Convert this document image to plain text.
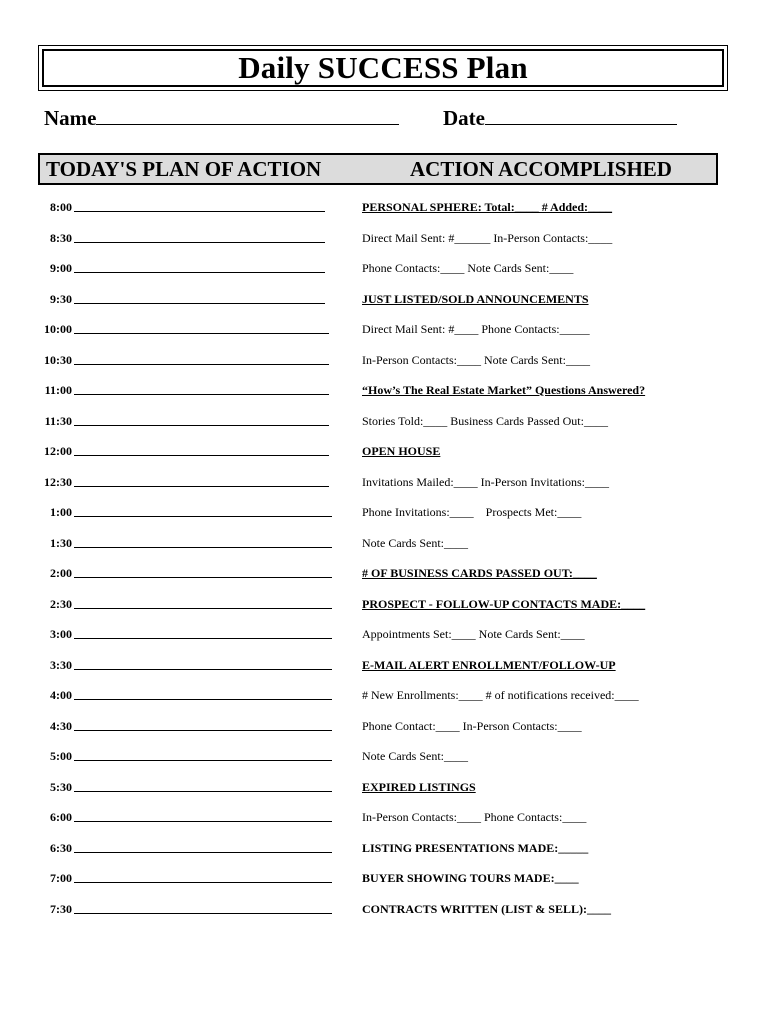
Daily SUCCESS Plan
Name	Date
TODAY'S PLAN OF ACTION	ACTION ACCOMPLISHED
8:00	PERSONAL SPHERE: Total:____ # Added:____
8:30	Direct Mail Sent: #______ In-Person Contacts:____
9:00	Phone Contacts:____ Note Cards Sent:____
9:30	JUST LISTED/SOLD ANNOUNCEMENTS
10:00	Direct Mail Sent: #____ Phone Contacts:_____
10:30	In-Person Contacts:____ Note Cards Sent:____
11:00	“How’s The Real Estate Market” Questions Answered?
11:30	Stories Told:____ Business Cards Passed Out:____
12:00	OPEN HOUSE
12:30	Invitations Mailed:____ In-Person Invitations:____
1:00	Phone Invitations:____    Prospects Met:____
1:30	Note Cards Sent:____
2:00	# OF BUSINESS CARDS PASSED OUT:____
2:30	PROSPECT - FOLLOW-UP CONTACTS MADE:____
3:00	Appointments Set:____ Note Cards Sent:____
3:30	E-MAIL ALERT ENROLLMENT/FOLLOW-UP
4:00	# New Enrollments:____ # of notifications received:____
4:30	Phone Contact:____ In-Person Contacts:____
5:00	Note Cards Sent:____
5:30	EXPIRED LISTINGS
6:00	In-Person Contacts:____ Phone Contacts:____
6:30	LISTING PRESENTATIONS MADE:_____
7:00	BUYER SHOWING TOURS MADE:____
7:30	CONTRACTS WRITTEN (LIST & SELL):____
